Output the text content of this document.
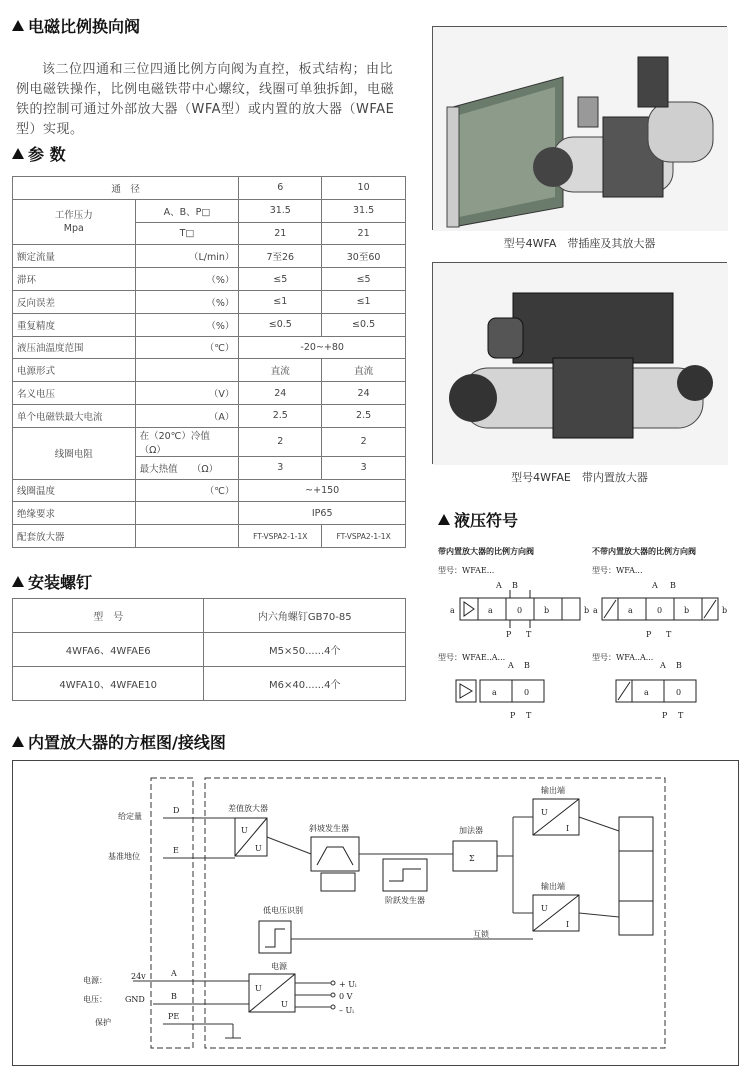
电磁比例换向阀
该二位四通和三位四通比例方向阀为直控，板式结构；由比
例电磁铁操作，比例电磁铁带中心螺纹，线圈可单独拆卸，电磁
铁的控制可通过外部放大器（WFA型）或内置的放大器（WFAE
型）实现。
参 数
通　径		6	10
工作压力
Mpa	A、B、P□	31.5	31.5
	T□	21	21
额定流量	（L/min）	7至26	30至60
滞环	（%）	≤5	≤5
反向误差	（%）	≤1	≤1
重复精度	（%）	≤0.5	≤0.5
液压油温度范围	（℃）	-20~+80	
电源形式		直流	直流
名义电压	（V）	24	24
单个电磁铁最大电流	（A）	2.5	2.5
线圈电阻	在（20℃）冷值 （Ω）	2	2
	最大热值　　（Ω）	3	3
线圈温度	（℃）	~+150	
绝缘要求		IP65	
配套放大器		FT-VSPA2-1-1X	FT-VSPA2-1-1X
安装螺钉
型　号	内六角螺钉GB70-85
4WFA6、4WFAE6	M5×50......4个
4WFA10、4WFAE10	M6×40......4个
型号4WFA　带插座及其放大器
型号4WFAE　带内置放大器
液压符号
带内置放大器的比例方向阀	不带内置放大器的比例方向阀
型号：WFAE...	型号：WFA...
A B
a	0	b
a	b
P T
A B
a	0	b
a	b
P T
型号：WFAE..A...	型号：WFA..A...
A B
a	0
P T
A B
a	0
P T
内置放大器的方框图/接线图
给定量
基准地位
电源：	24v
电压： GND
保护
D
E
A
B
PE
差值放大器
U
U
斜坡发生器
阶跃发生器
加法器
Σ
输出端
U
I
输出端
U
I
低电压识别
互锁
电源
U
U
+ Uᵢ
0 V
– Uᵢ
